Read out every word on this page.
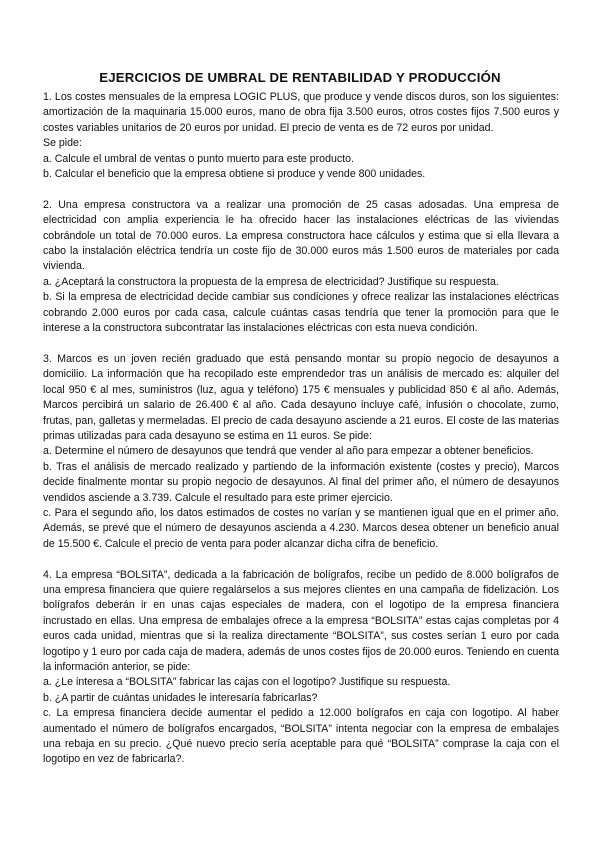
EJERCICIOS DE UMBRAL DE RENTABILIDAD Y PRODUCCIÓN

1. Los costes mensuales de la empresa LOGIC PLUS, que produce y vende discos duros, son los siguientes: amortización de la maquinaria 15.000 euros, mano de obra fija 3.500 euros, otros costes fijos 7.500 euros y costes variables unitarios de 20 euros por unidad. El precio de venta es de 72 euros por unidad.

Se pide:

a. Calcule el umbral de ventas o punto muerto para este producto.

b. Calcular el beneficio que la empresa obtiene si produce y vende 800 unidades.

2. Una empresa constructora va a realizar una promoción de 25 casas adosadas. Una empresa de electricidad con amplia experiencia le ha ofrecido hacer las instalaciones eléctricas de las viviendas cobrándole un total de 70.000 euros. La empresa constructora hace cálculos y estima que si ella llevara a cabo la instalación eléctrica tendría un coste fijo de 30.000 euros más 1.500 euros de materiales por cada vivienda.

a. ¿Aceptará la constructora la propuesta de la empresa de electricidad? Justifique su respuesta.

b. Si la empresa de electricidad decide cambiar sus condiciones y ofrece realizar las instalaciones eléctricas cobrando 2.000 euros por cada casa, calcule cuántas casas tendría que tener la promoción para que le interese a la constructora subcontratar las instalaciones eléctricas con esta nueva condición.

3. Marcos es un joven recién graduado que está pensando montar su propio negocio de desayunos a domicilio. La información que ha recopilado este emprendedor tras un análisis de mercado es: alquiler del local 950 € al mes, suministros (luz, agua y teléfono) 175 € mensuales y publicidad 850 € al año. Además, Marcos percibirá un salario de 26.400 € al año. Cada desayuno incluye café, infusión o chocolate, zumo, frutas, pan, galletas y mermeladas. El precio de cada desayuno asciende a 21 euros. El coste de las materias primas utilizadas para cada desayuno se estima en 11 euros. Se pide:

a. Determine el número de desayunos que tendrá que vender al año para empezar a obtener beneficios.

b. Tras el análisis de mercado realizado y partiendo de la información existente (costes y precio), Marcos decide finalmente montar su propio negocio de desayunos. Al final del primer año, el número de desayunos vendidos asciende a 3.739. Calcule el resultado para este primer ejercicio.

c. Para el segundo año, los datos estimados de costes no varían y se mantienen igual que en el primer año. Además, se prevé que el número de desayunos ascienda a 4.230. Marcos desea obtener un beneficio anual de 15.500 €. Calcule el precio de venta para poder alcanzar dicha cifra de beneficio.

4. La empresa “BOLSITA”, dedicada a la fabricación de bolígrafos, recibe un pedido de 8.000 bolígrafos de una empresa financiera que quiere regalárselos a sus mejores clientes en una campaña de fidelización. Los bolígrafos deberán ir en unas cajas especiales de madera, con el logotipo de la empresa financiera incrustado en ellas. Una empresa de embalajes ofrece a la empresa “BOLSITA” estas cajas completas por 4 euros cada unidad, mientras que si la realiza directamente “BOLSITA”, sus costes serían 1 euro por cada logotipo y 1 euro por cada caja de madera, además de unos costes fijos de 20.000 euros. Teniendo en cuenta la información anterior, se pide:

a. ¿Le interesa a “BOLSITA” fabricar las cajas con el logotipo? Justifique su respuesta.

b. ¿A partir de cuántas unidades le interesaría fabricarlas?

c. La empresa financiera decide aumentar el pedido a 12.000 bolígrafos en caja con logotipo. Al haber aumentado el número de bolígrafos encargados, “BOLSITA” intenta negociar con la empresa de embalajes una rebaja en su precio. ¿Qué nuevo precio sería aceptable para qué “BOLSITA” comprase la caja con el logotipo en vez de fabricarla?.
